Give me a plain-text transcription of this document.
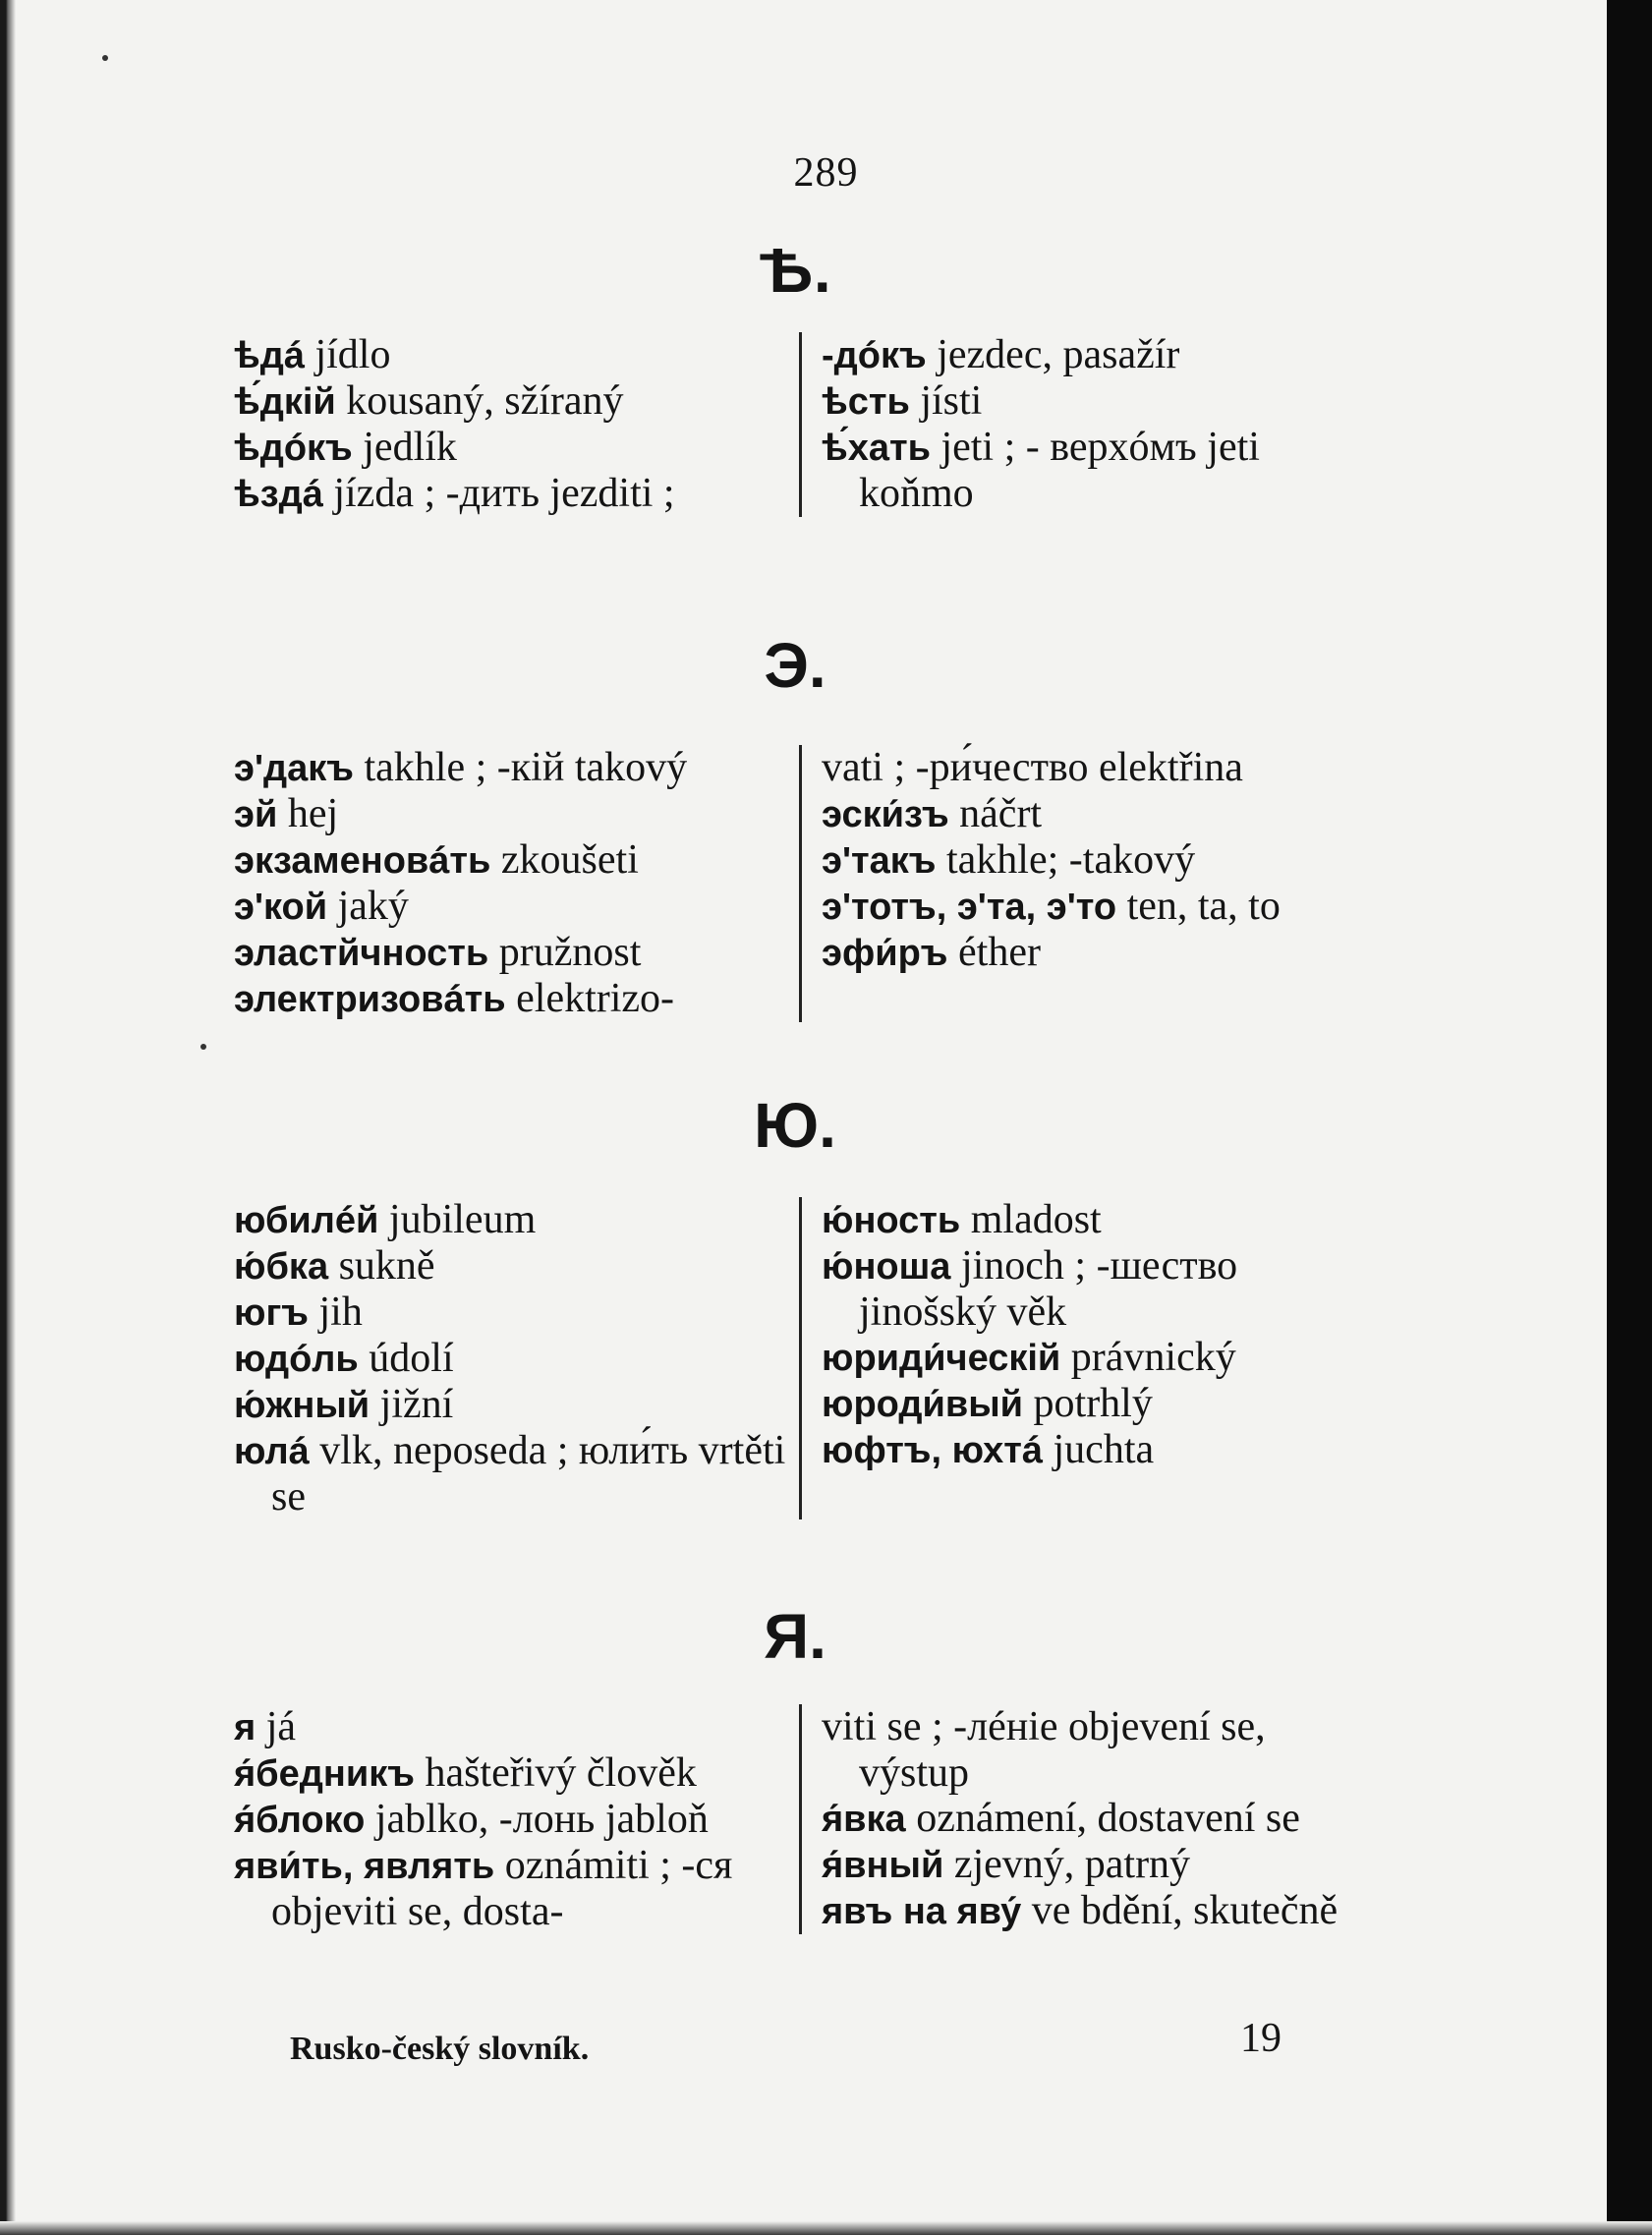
289
Ѣ.
ѣдá jídlo
ѣ́дкій kousaný, sžíraný
ѣдóкъ jedlík
ѣздá jízda ; -дить jezditi ;
-дóкъ jezdec, pasažír
ѣсть jísti
ѣ́хать jeti ; - верхóмъ jeti koňmo
Э.
э'дакъ takhle ; -кій takový
эй hej
экзаменовáть zkoušeti
э'кой jaký
эластйчность pružnost
электризовáть elektrizo-
vati ; -ри́чество elektřina
эски́зъ náčrt
э'такъ takhle; -takový
э'тотъ, э'та, э'то ten, ta, to
эфи́ръ éther
Ю.
юбилéй jubileum
ю́бка sukně
югъ jih
юдóль údolí
ю́жный jižní
юлá vlk, neposeda ; юли́ть vrtěti se
ю́ность mladost
ю́ноша jinoch ; -шество jinošský věk
юриди́ческій právnický
юроди́вый potrhlý
юфтъ, юхтá juchta
Я.
я já
я́бедникъ hašteřivý člověk
я́блоко jablko, -лонь jabloň
яви́ть, являть oznámiti ; -ся objeviti se, dosta-
viti se ; -лéніе objevení se, výstup
я́вка oznámení, dostavení se
я́вный zjevný, patrný
явъ на яву́ ve bdění, skutečně
Rusko-český slovník.	19
